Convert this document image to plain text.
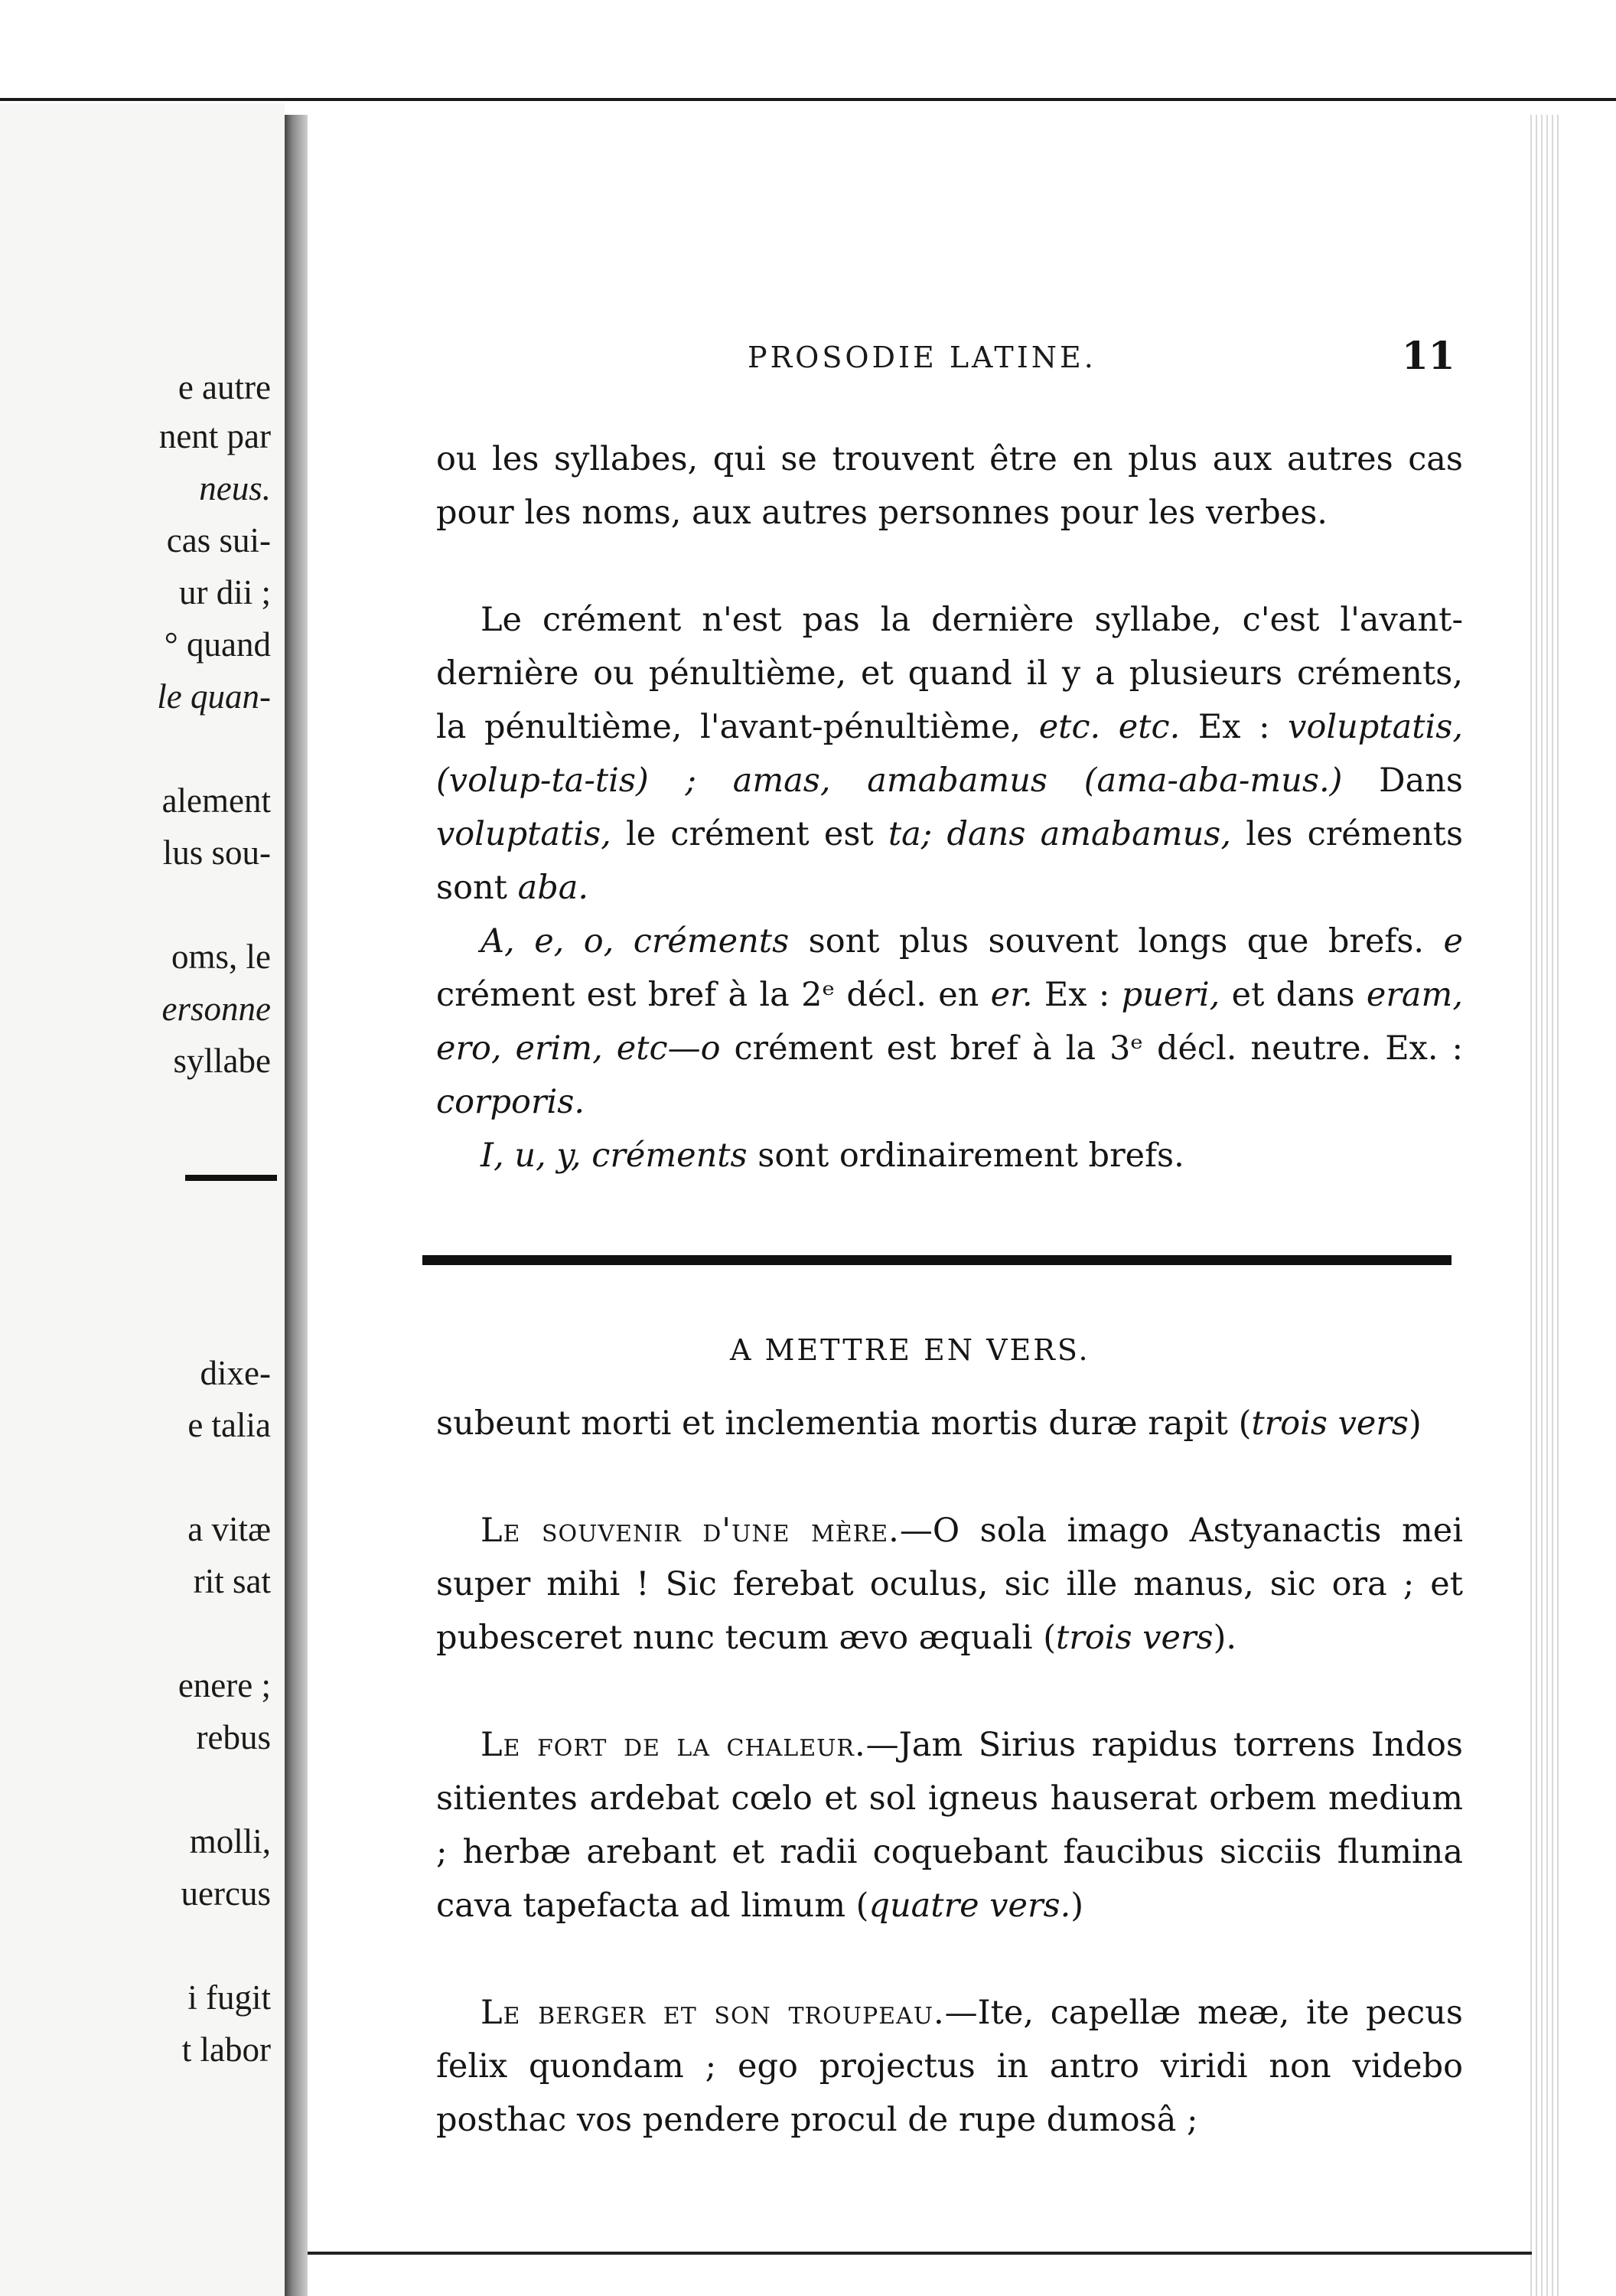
e autre
nent par
neus.
cas sui-
ur dii ;
° quand
le quan-
alement
lus sou-
oms, le
ersonne
syllabe
dixe-
e talia
a vitæ
rit sat
enere ;
rebus
molli,
uercus
i fugit
t labor
PROSODIE LATINE.	11

ou les syllabes, qui se trouvent être en plus aux autres cas pour les noms, aux autres personnes pour les verbes.

Le crément n'est pas la dernière syllabe, c'est l'avant-dernière ou pénultième, et quand il y a plusieurs créments, la pénultième, l'avant-pénultième, etc. etc. Ex : voluptatis, (volup-ta-tis) ; amas, amabamus (ama-aba-mus.) Dans voluptatis, le crément est ta; dans amabamus, les créments sont aba.

A, e, o, créments sont plus souvent longs que brefs. e crément est bref à la 2ᵉ décl. en er. Ex : pueri, et dans eram, ero, erim, etc—o crément est bref à la 3ᵉ décl. neutre. Ex. : corporis.

I, u, y, créments sont ordinairement brefs.

A METTRE EN VERS.

subeunt morti et inclementia mortis duræ rapit (trois vers)

Le souvenir d'une mère.—O sola imago Astyanactis mei super mihi ! Sic ferebat oculus, sic ille manus, sic ora ; et pubesceret nunc tecum ævo æquali (trois vers).

Le fort de la chaleur.—Jam Sirius rapidus torrens Indos sitientes ardebat cœlo et sol igneus hauserat orbem medium ; herbæ arebant et radii coquebant faucibus sicciis flumina cava tapefacta ad limum (quatre vers.)

Le berger et son troupeau.—Ite, capellæ meæ, ite pecus felix quondam ; ego projectus in antro viridi non videbo posthac vos pendere procul de rupe dumosâ ;
